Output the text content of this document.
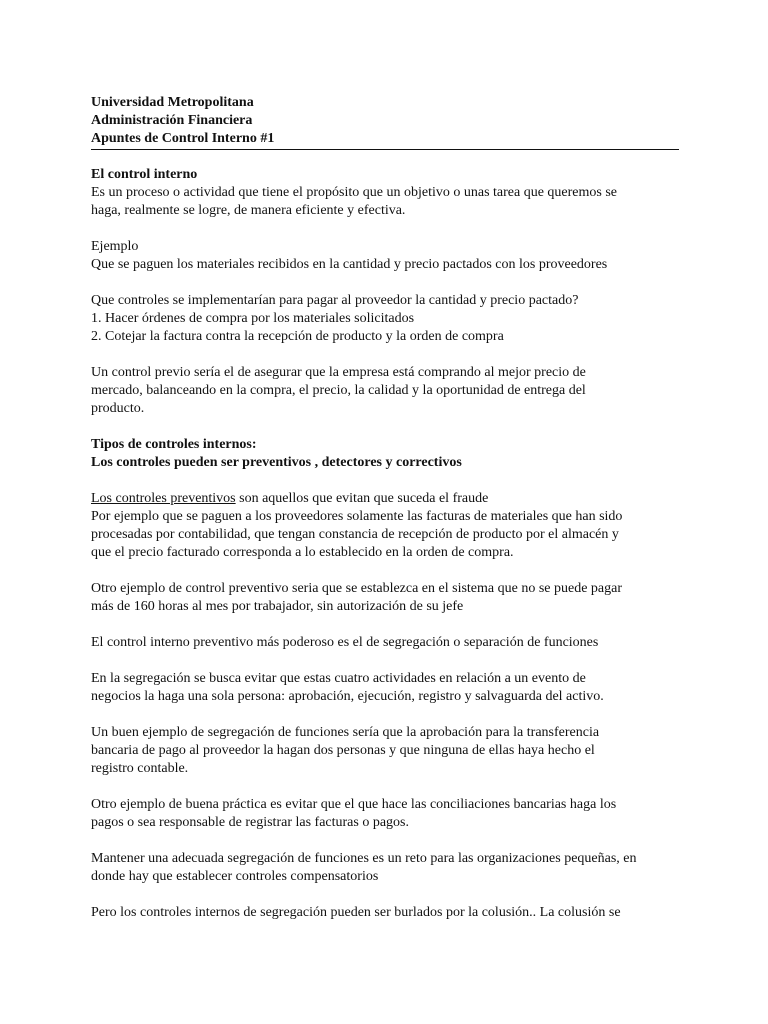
Universidad Metropolitana
Administración Financiera
Apuntes de Control Interno #1
El control interno
Es un proceso o actividad que tiene el propósito que un objetivo o unas tarea que queremos se
haga, realmente se logre, de manera eficiente y efectiva.
Ejemplo
Que se paguen los materiales recibidos en la cantidad y precio pactados con los proveedores
Que controles se implementarían para pagar al proveedor la cantidad y precio pactado?
1. Hacer órdenes de compra por los materiales solicitados
2. Cotejar la factura contra la recepción de producto y la orden de compra
Un control previo sería el de asegurar que la empresa está comprando al mejor precio de
mercado, balanceando en la compra, el precio, la calidad y la oportunidad de entrega del
producto.
Tipos de controles internos:
Los controles pueden ser preventivos , detectores y correctivos
Los controles preventivos son aquellos que evitan que suceda el fraude
Por ejemplo que se paguen a los proveedores solamente las facturas de materiales que han sido
procesadas por contabilidad, que tengan constancia de recepción de producto por el almacén y
que el precio facturado corresponda a lo establecido en la orden de compra.
Otro ejemplo de control preventivo seria que se establezca en el sistema que no se puede pagar
más de 160 horas al mes por trabajador, sin autorización de su jefe
El control interno preventivo más poderoso es el de segregación o separación de funciones
En la segregación se busca evitar que estas cuatro actividades en relación a un evento de
negocios la haga una sola persona: aprobación, ejecución, registro y salvaguarda del activo.
Un buen ejemplo de segregación de funciones sería que la aprobación para la transferencia
bancaria de pago al proveedor la hagan dos personas y que ninguna de ellas haya hecho el
registro contable.
Otro ejemplo de buena práctica es evitar que el que hace las conciliaciones bancarias haga los
pagos o sea responsable de registrar las facturas o pagos.
Mantener una adecuada segregación de funciones es un reto para las organizaciones pequeñas, en
donde hay que establecer controles compensatorios
Pero los controles internos de segregación pueden ser burlados por la colusión.. La colusión se
